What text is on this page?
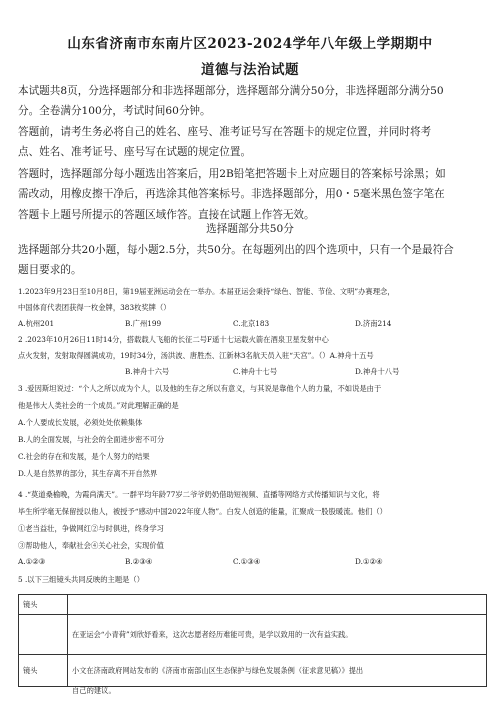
山东省济南市东南片区2023-2024学年八年级上学期期中
道德与法治试题
本试题共8页，分选择题部分和非选择题部分，选择题部分满分50分，非选择题部分满分50
分。全卷满分100分，考试时间60分钟。
答题前，请考生务必将自己的姓名、座号、准考证号写在答题卡的规定位置，并同时将考
点、姓名、准考证号、座号写在试题的规定位置。
答题时，选择题部分每小题选出答案后，用2B铅笔把答题卡上对应题目的答案标号涂黑；如
需改动，用橡皮擦干净后，再选涂其他答案标号。非选择题部分，用0・5毫米黑色签字笔在
答题卡上题号所提示的答题区域作答。直接在试题上作答无效。
选择题部分共50分
选择题部分共20小题，每小题2.5分，共50分。在每题列出的四个选项中，只有一个是最符合
题目要求的。
1.2023年9月23日至10月8日，第19届亚洲运动会在一举办。本届亚运会秉持“绿色、智能、节俭、文明”办赛理念，
中国体育代表团获得一枚金牌，383枚奖牌（）
A.杭州201	B.广州199	C.北京183	D.济南214
2 .2023年10月26日11时14分，搭载载人飞船的长征二号F遥十七运载火箭在酒泉卫星发射中心
点火发射，发射取得圆满成功，19时34分，汤洪波、唐胜杰、江新林3名航天员入驻“天宫”。（）A.神舟十五号
B.神舟十六号	C.神舟十七号	D.神舟十八号
3 .爱因斯坦说过：“个人之所以成为个人，以及他的生存之所以有意义，与其说是靠他个人的力量，不如说是由于
他是伟大人类社会的一个成员。”对此理解正确的是
A.个人要成长发展，必须处处依赖集体
B.人的全面发展，与社会的全面进步密不可分
C.社会的存在和发展，是个人努力的结果
D.人是自然界的部分，其生存离不开自然界
4 .“莫道桑榆晚，为霞尚满天”。一群平均年龄77岁二爷爷奶奶借助短视频、直播等网络方式传播知识与文化，将
毕生所学毫无保留授以他人，被授予“感动中国2022年度人物”。白发人创造的能量，汇聚成一股股暖流。他们（）
①老当益壮，争做网红②与时俱进，终身学习
③帮助他人，奉献社会④关心社会，实现价值
A.①②③	B.②③④	C.①③④	D.①②④
5 .以下三组镜头共同反映的主题是（）
镜头	
	在亚运会“小青荷”刘欣妤看来，这次志愿者经历难能可贵，是学以致用的一次有益实践。
镜头	小文在济南政府网站发布的《济南市南部山区生态保护与绿色发展条例（征求意见稿）》提出
自己的建议。
